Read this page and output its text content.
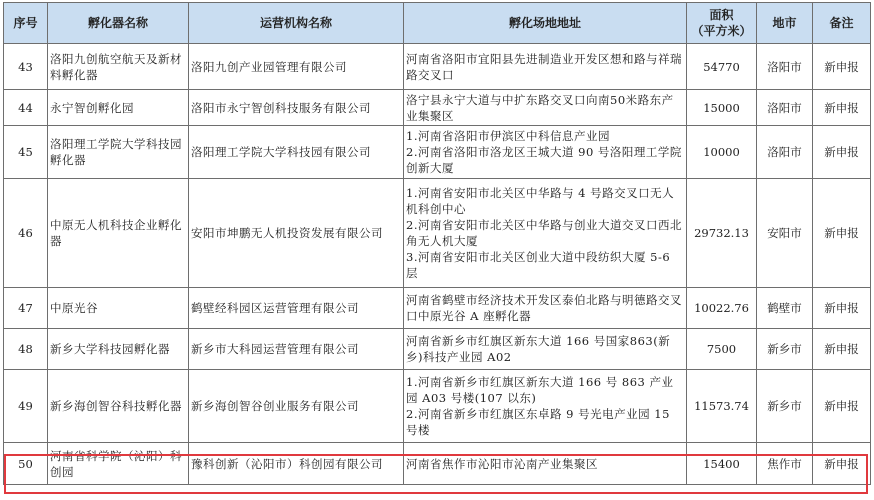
序号	孵化器名称	运营机构名称	孵化场地地址	面积
（平方米）	地市	备注
43	洛阳九创航空航天及新材料孵化器	洛阳九创产业园管理有限公司	河南省洛阳市宜阳县先进制造业开发区想和路与祥瑞路交叉口	54770	洛阳市	新申报
44	永宁智创孵化园	洛阳市永宁智创科技服务有限公司	洛宁县永宁大道与中扩东路交叉口向南50米路东产业集聚区	15000	洛阳市	新申报
45	洛阳理工学院大学科技园孵化器	洛阳理工学院大学科技园有限公司	1.河南省洛阳市伊滨区中科信息产业园
2.河南省洛阳市洛龙区王城大道 90 号洛阳理工学院创新大厦	10000	洛阳市	新申报
46	中原无人机科技企业孵化器	安阳市坤鹏无人机投资发展有限公司	1.河南省安阳市北关区中华路与 4 号路交叉口无人机科创中心
2.河南省安阳市北关区中华路与创业大道交叉口西北角无人机大厦
3.河南省安阳市北关区创业大道中段纺织大厦 5-6 层	29732.13	安阳市	新申报
47	中原光谷	鹤壁经科园区运营管理有限公司	河南省鹤壁市经济技术开发区泰伯北路与明德路交叉口中原光谷 A 座孵化器	10022.76	鹤壁市	新申报
48	新乡大学科技园孵化器	新乡市大科园运营管理有限公司	河南省新乡市红旗区新东大道 166 号国家863(新乡)科技产业园 A02	7500	新乡市	新申报
49	新乡海创智谷科技孵化器	新乡海创智谷创业服务有限公司	1.河南省新乡市红旗区新东大道 166 号 863 产业园 A03 号楼(107 以东)
2.河南省新乡市红旗区东卓路 9 号光电产业园 15 号楼	11573.74	新乡市	新申报
50	河南省科学院（沁阳）科创园	豫科创新（沁阳市）科创园有限公司	河南省焦作市沁阳市沁南产业集聚区	15400	焦作市	新申报
